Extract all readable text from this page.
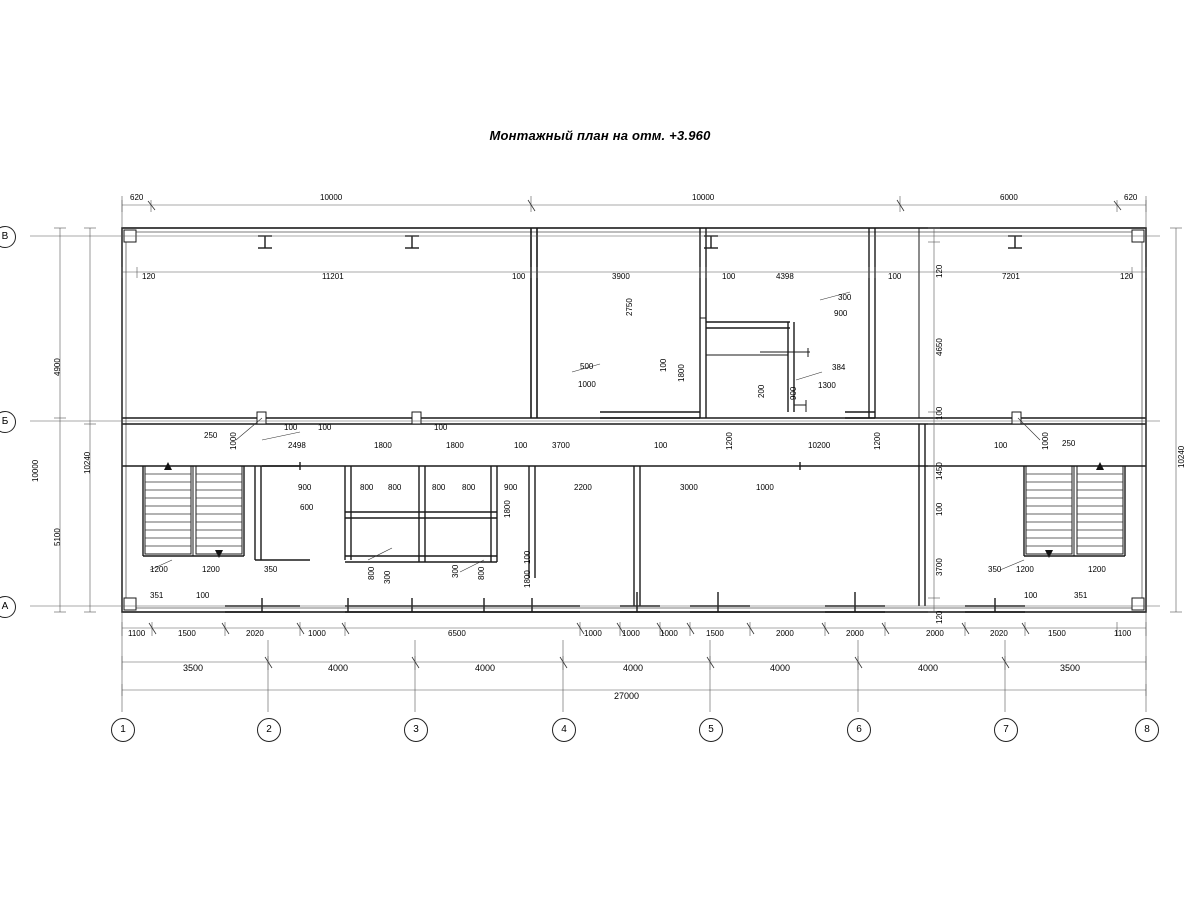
Монтажный план на отм. +3.960
620	10000	10000	6000	620
120	11201	100	3900	100	4398	100	7201	120
120
4650
100
1450
100
3700
120
10240
4900
10240
5100
10000
2750
300
900
500
1000
100 1800
200	900
384
1300
250 1000
100	100
2498	1800	1800
100
3700
100	1200	10200	1200	100	1000 250
100
900	800 800	800 800	900	2200	3000	1000
600	1800
100
1200	1200	350	800 300	300 800	1800
350 1200	1200
100	351
351	100
1100	1500	2020	1000	6500	1000	1000	1000	1500	2000	2000	2000	2020	1500	1100
3500	4000	4000	4000	4000	4000	3500
27000
1	2	3	4	5	6	7	8
А
Б
В
